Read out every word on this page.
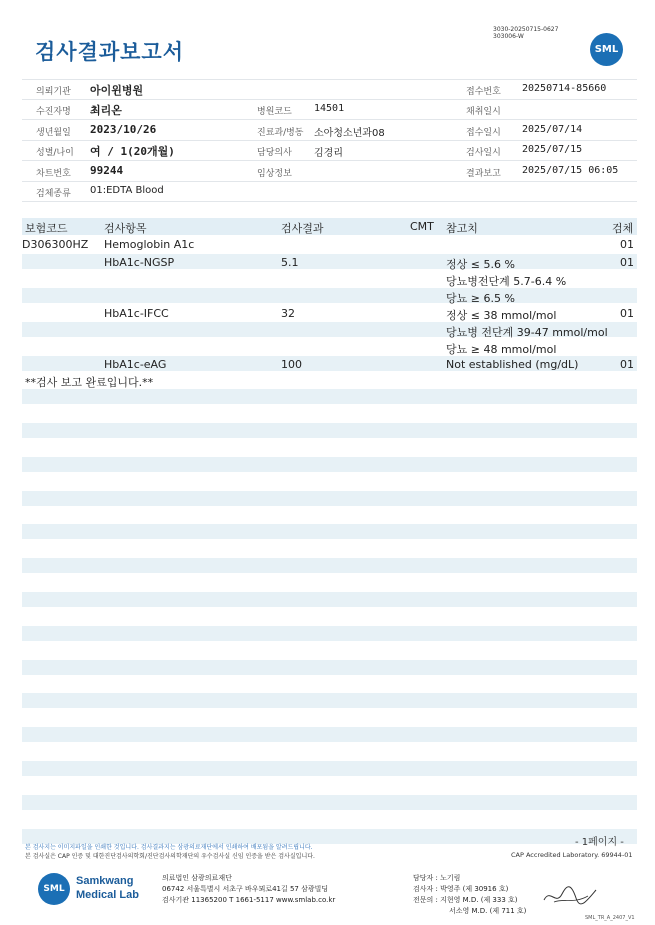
3030-20250715-0627
303006-W
검사결과보고서	SML
의뢰기관 아이윈병원	접수번호 20250714-85660
수진자명 최리온	병원코드 14501	채취일시
생년월일 2023/10/26	진료과/병동 소아청소년과08	접수일시 2025/07/14
성별/나이 여 / 1(20개월)	담당의사 김경리	검사일시 2025/07/15
차트번호 99244	임상정보	결과보고 2025/07/15 06:05
검체종류 01:EDTA Blood
보험코드	검사항목	검사결과	CMT 참고치	검체
D306300HZ Hemoglobin A1c	01
HbA1c-NGSP	5.1	정상 ≤ 5.6 %	01
당뇨병전단계 5.7-6.4 %
당뇨 ≥ 6.5 %
HbA1c-IFCC	32	정상 ≤ 38 mmol/mol	01
당뇨병 전단계 39-47 mmol/mol
당뇨 ≥ 48 mmol/mol
HbA1c-eAG	100	Not established (mg/dL)	01
**검사 보고 완료입니다.**
- 1페이지 -
본 검사지는 이미지파일을 인쇄한 것입니다. 검사결과지는 삼광의료재단에서 인쇄하여 배포됨을 알려드립니다.
본 검사실은 CAP 인증 및 대한진단검사의학회/진단검사의학재단의 우수검사실 신임 인증을 받은 검사실입니다.	CAP Accredited Laboratory. 69944-01
SML
Samkwang
Medical Lab
의료법인 삼광의료재단
06742 서울특별시 서초구 바우뫼로41길 57 삼광빌딩
검사기관 11365200 T 1661-5117 www.smlab.co.kr
담당자 : 노기림
검사자 : 박영주 (제 30916 호)
전문의 : 지현영 M.D. (제 333 호)
서소영 M.D. (제 711 호)
SML_TR_A_2407_V1
